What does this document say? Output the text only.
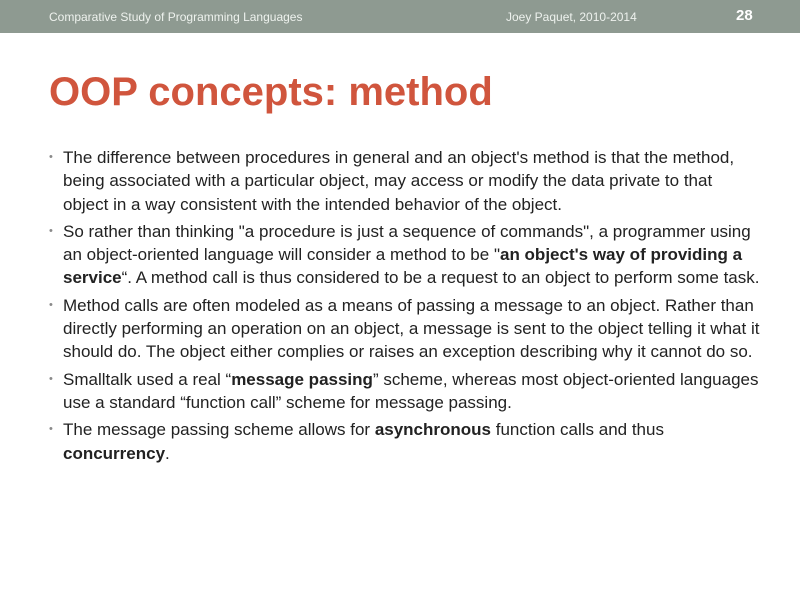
Comparative Study of Programming Languages	Joey Paquet, 2010-2014	28
OOP concepts: method
• The difference between procedures in general and an object's method is that the method, being associated with a particular object, may access or modify the data private to that object in a way consistent with the intended behavior of the object.
• So rather than thinking "a procedure is just a sequence of commands", a programmer using an object-oriented language will consider a method to be "an object's way of providing a service“. A method call is thus considered to be a request to an object to perform some task.
• Method calls are often modeled as a means of passing a message to an object. Rather than directly performing an operation on an object, a message is sent to the object telling it what it should do. The object either complies or raises an exception describing why it cannot do so.
• Smalltalk used a real “message passing” scheme, whereas most object-oriented languages use a standard “function call” scheme for message passing.
• The message passing scheme allows for asynchronous function calls and thus concurrency.
